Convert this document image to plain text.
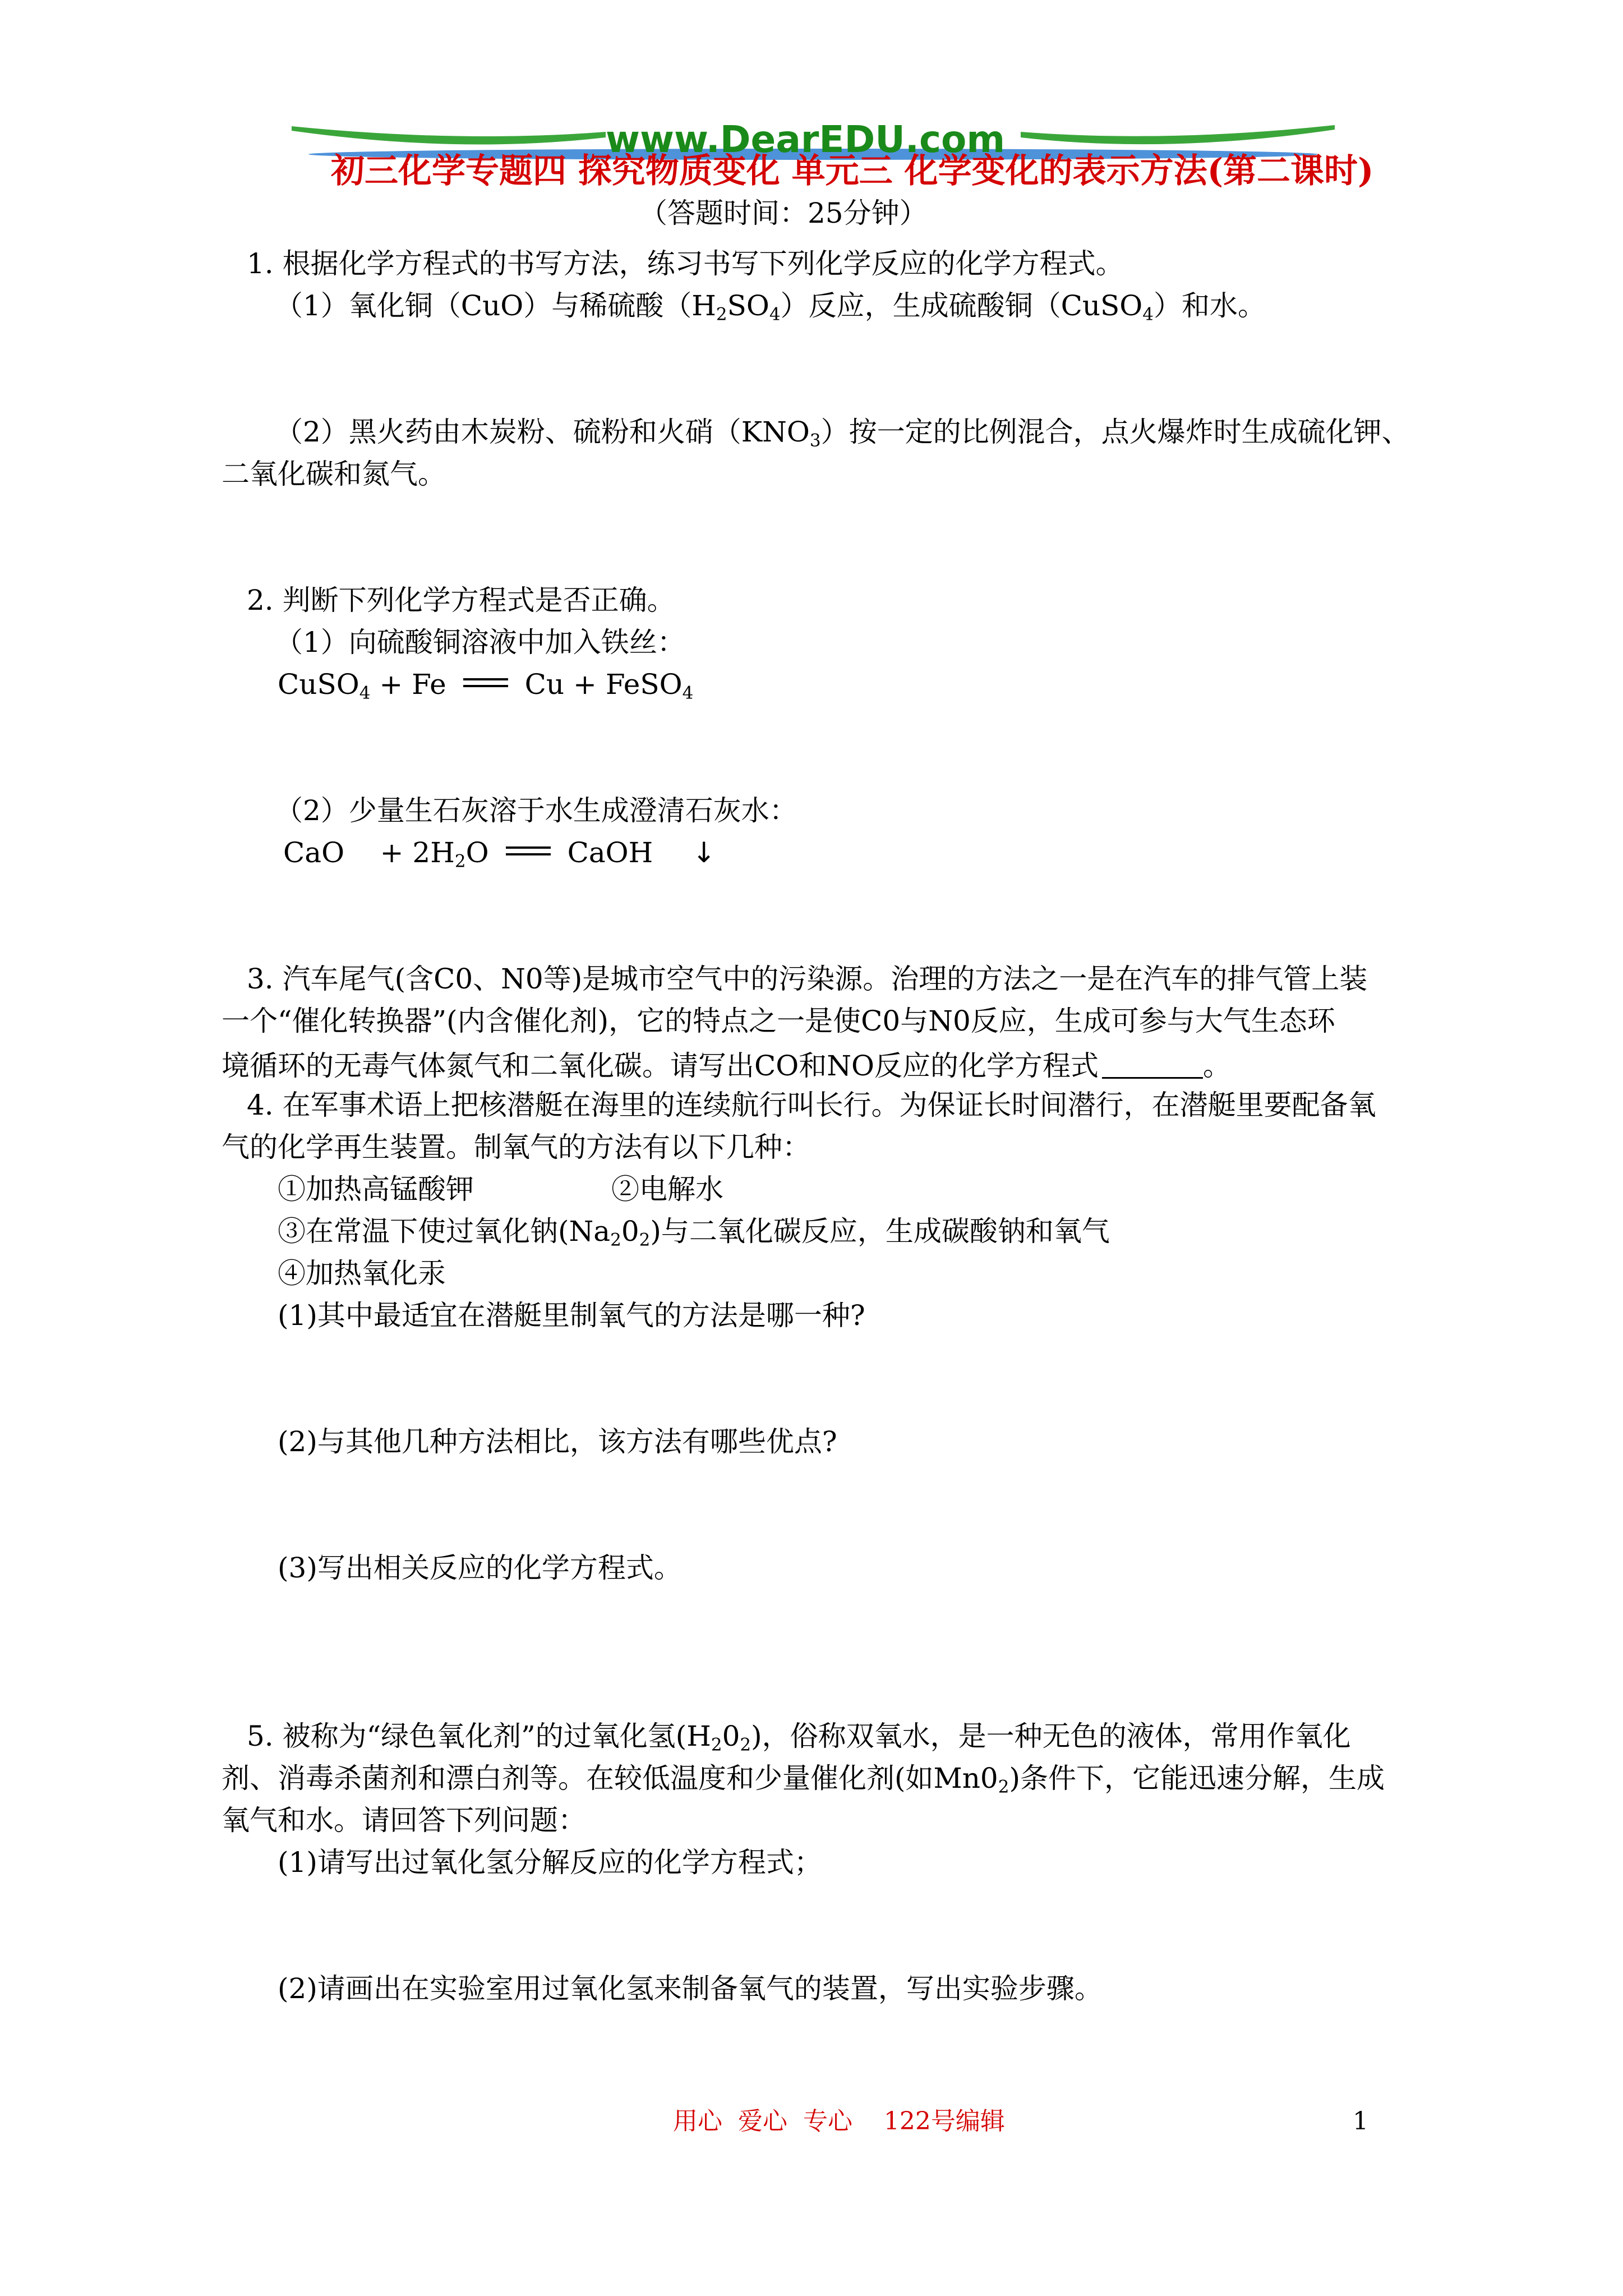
www.DearEDU.com
初三化学专题四 探究物质变化 单元三 化学变化的表示方法(第二课时)
（答题时间：25分钟）
1. 根据化学方程式的书写方法，练习书写下列化学反应的化学方程式。
（1）氧化铜（CuO）与稀硫酸$(H_2SO_4)$反应，生成硫酸铜（CuSO$_4$）和水。
（2）黑火药由木炭粉、硫粉和火硝$(KNO_3)$按一定的比例混合，点火爆炸时生成硫化钾、
二氧化碳和氮气。
2. 判断下列化学方程式是否正确。
（1）向硫酸铜溶液中加入铁丝：
CuSO$_4$ + Fe	Cu + FeSO$_4$
（2）少量生石灰溶于水生成澄清石灰水：
CaO    + $2H_2O$	CaOH ↓
3. 汽车尾气(含C0、N0等)是城市空气中的污染源。治理的方法之一是在汽车的排气管上装
一个“催化转换器”(内含催化剂)，它的特点之一是使C0与N0反应，生成可参与大气生态环
境循环的无毒气体氮气和二氧化碳。请写出CO和NO反应的化学方程式	。
4. 在军事术语上把核潜艇在海里的连续航行叫长行。为保证长时间潜行，在潜艇里要配备氧
气的化学再生装置。制氧气的方法有以下几种：
①加热高锰酸钾	②电解水
③在常温下使过氧化钠$(Na_20_2)$与二氧化碳反应，生成碳酸钠和氧气
④加热氧化汞
(1)其中最适宜在潜艇里制氧气的方法是哪一种?
(2)与其他几种方法相比，该方法有哪些优点?
(3)写出相关反应的化学方程式。
5. 被称为“绿色氧化剂”的过氧化氢$(H_20_2)$，俗称双氧水，是一种无色的液体，常用作氧化
剂、消毒杀菌剂和漂白剂等。在较低温度和少量催化剂(如$Mn0_2$)条件下，它能迅速分解，生成
氧气和水。请回答下列问题：
(1)请写出过氧化氢分解反应的化学方程式；
(2)请画出在实验室用过氧化氢来制备氧气的装置，写出实验步骤。
用心  爱心  专心    122号编辑	1
